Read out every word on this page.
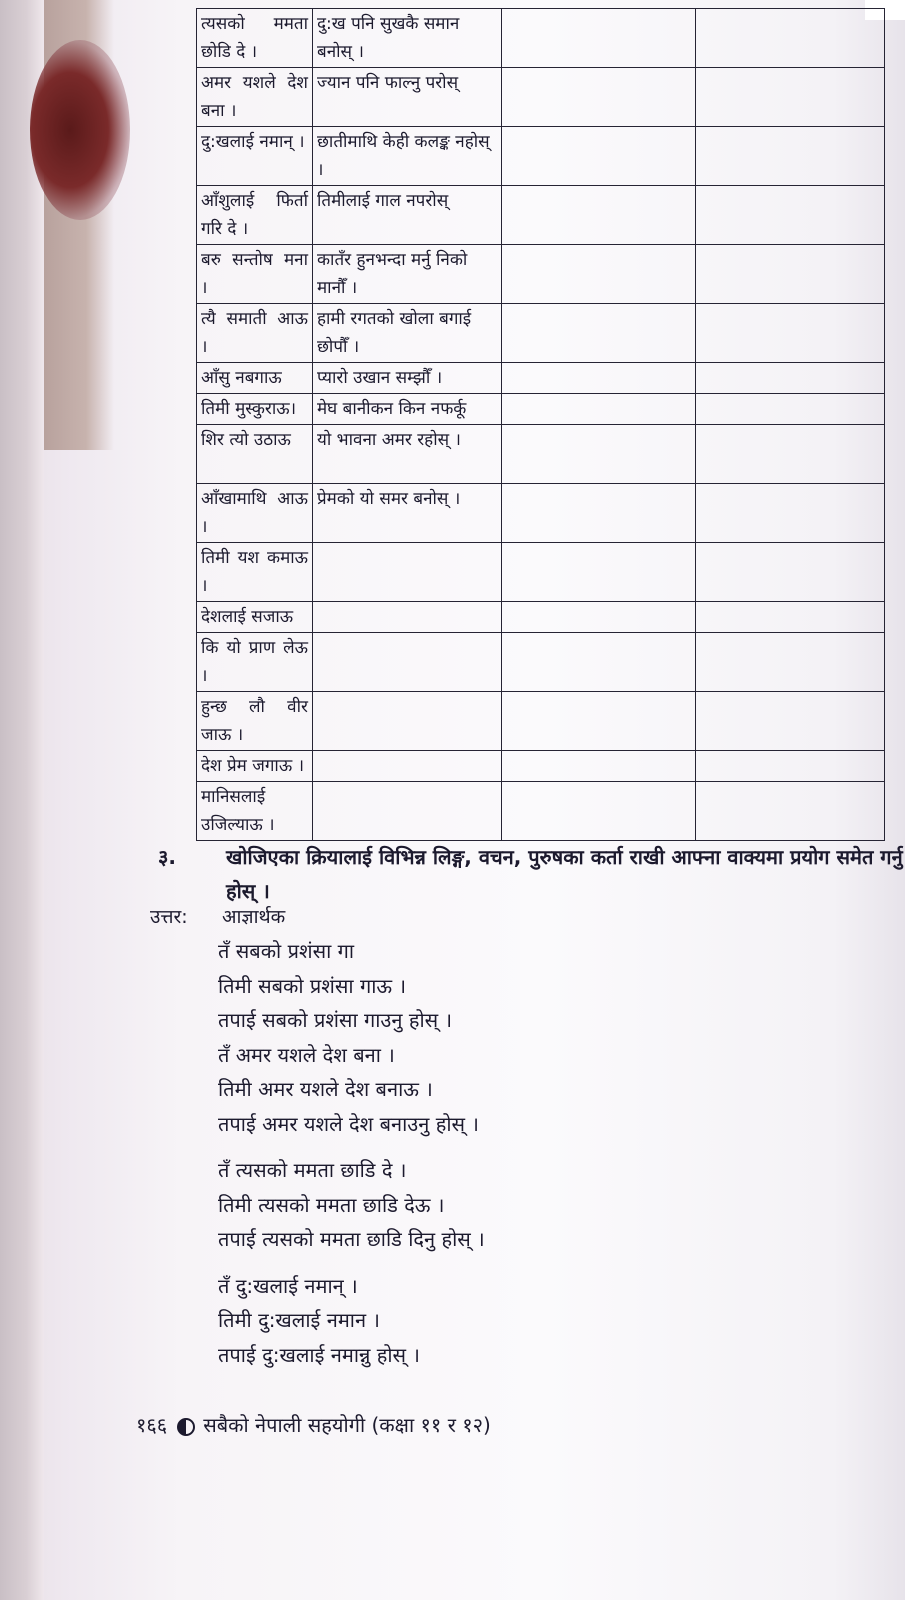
त्यसको ममता छोडि दे ।	दु:ख पनि सुखकै समान बनोस् ।		
अमर यशले देश बना ।	ज्यान पनि फाल्नु परोस्		
दु:खलाई नमान् ।	छातीमाथि केही कलङ्क नहोस् ।		
आँशुलाई फिर्ता गरि दे ।	तिमीलाई गाल नपरोस्		
बरु सन्तोष मना ।	कातँर हुनभन्दा मर्नु निको मानौँ ।		
त्यै समाती आऊ ।	हामी रगतको खोला बगाई छोपौँ ।		
आँसु नबगाऊ	प्यारो उखान सम्झौँ ।		
तिमी मुस्कुराऊ।	मेघ बानीकन किन नफर्कू		
शिर त्यो उठाऊ	यो भावना अमर रहोस् ।		
आँखामाथि आऊ ।	प्रेमको यो समर बनोस् ।		
तिमी यश कमाऊ ।			
देशलाई सजाऊ			
कि यो प्राण लेऊ ।			
हुन्छ लौ वीर जाऊ ।			
देश प्रेम जगाऊ ।			
मानिसलाई उजिल्याऊ ।			
३.	खोजिएका क्रियालाई विभिन्न लिङ्ग, वचन, पुरुषका कर्ता राखी आफ्ना वाक्यमा प्रयोग समेत गर्नु होस् ।
उत्तर: आज्ञार्थक
तँ सबको प्रशंसा गा
तिमी सबको प्रशंसा गाऊ ।
तपाई सबको प्रशंसा गाउनु होस् ।
तँ अमर यशले देश बना ।
तिमी अमर यशले देश बनाऊ ।
तपाई अमर यशले देश बनाउनु होस् ।
तँ त्यसको ममता छाडि दे ।
तिमी त्यसको ममता छाडि देऊ ।
तपाई त्यसको ममता छाडि दिनु होस् ।
तँ दु:खलाई नमान् ।
तिमी दु:खलाई नमान ।
तपाई दु:खलाई नमान्नु होस् ।
१६६ सबैको नेपाली सहयोगी (कक्षा ११ र १२)
